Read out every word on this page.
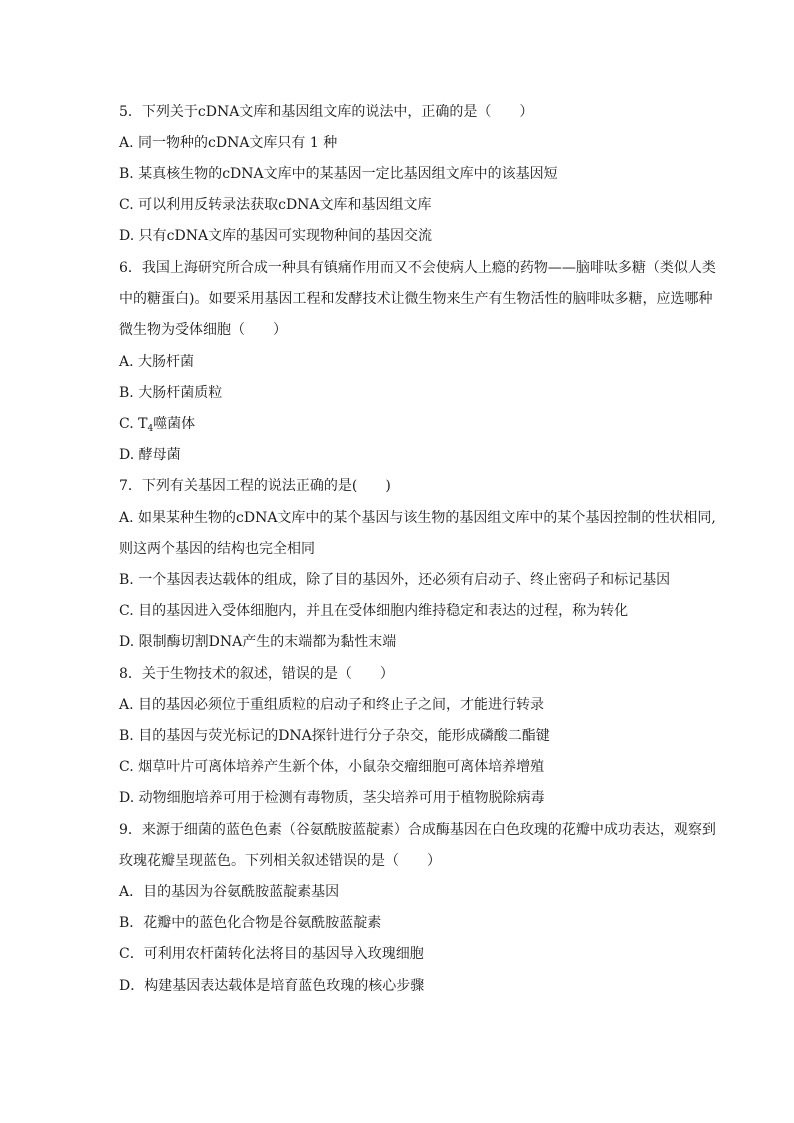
5．下列关于cDNA文库和基因组文库的说法中，正确的是（　　）
A. 同一物种的cDNA文库只有 1 种
B. 某真核生物的cDNA文库中的某基因一定比基因组文库中的该基因短
C. 可以利用反转录法获取cDNA文库和基因组文库
D. 只有cDNA文库的基因可实现物种间的基因交流
6．我国上海研究所合成一种具有镇痛作用而又不会使病人上瘾的药物——脑啡呔多糖（类似人类
中的糖蛋白)。如要采用基因工程和发酵技术让微生物来生产有生物活性的脑啡呔多糖，应选哪种
微生物为受体细胞（　　）
A. 大肠杆菌
B. 大肠杆菌质粒
C. $T_4$噬菌体
D. 酵母菌
7．下列有关基因工程的说法正确的是(　　)
A. 如果某种生物的cDNA文库中的某个基因与该生物的基因组文库中的某个基因控制的性状相同,
则这两个基因的结构也完全相同
B. 一个基因表达载体的组成，除了目的基因外，还必须有启动子、终止密码子和标记基因
C. 目的基因进入受体细胞内，并且在受体细胞内维持稳定和表达的过程，称为转化
D. 限制酶切割DNA产生的末端都为黏性末端
8．关于生物技术的叙述，错误的是（　　）
A. 目的基因必须位于重组质粒的启动子和终止子之间，才能进行转录
B. 目的基因与荧光标记的DNA探针进行分子杂交，能形成磷酸二酯键
C. 烟草叶片可离体培养产生新个体，小鼠杂交瘤细胞可离体培养增殖
D. 动物细胞培养可用于检测有毒物质，茎尖培养可用于植物脱除病毒
9．来源于细菌的蓝色色素（谷氨酰胺蓝靛素）合成酶基因在白色玫瑰的花瓣中成功表达，观察到
玫瑰花瓣呈现蓝色。下列相关叙述错误的是（　　）
A．目的基因为谷氨酰胺蓝靛素基因
B．花瓣中的蓝色化合物是谷氨酰胺蓝靛素
C．可利用农杆菌转化法将目的基因导入玫瑰细胞
D．构建基因表达载体是培育蓝色玫瑰的核心步骤
